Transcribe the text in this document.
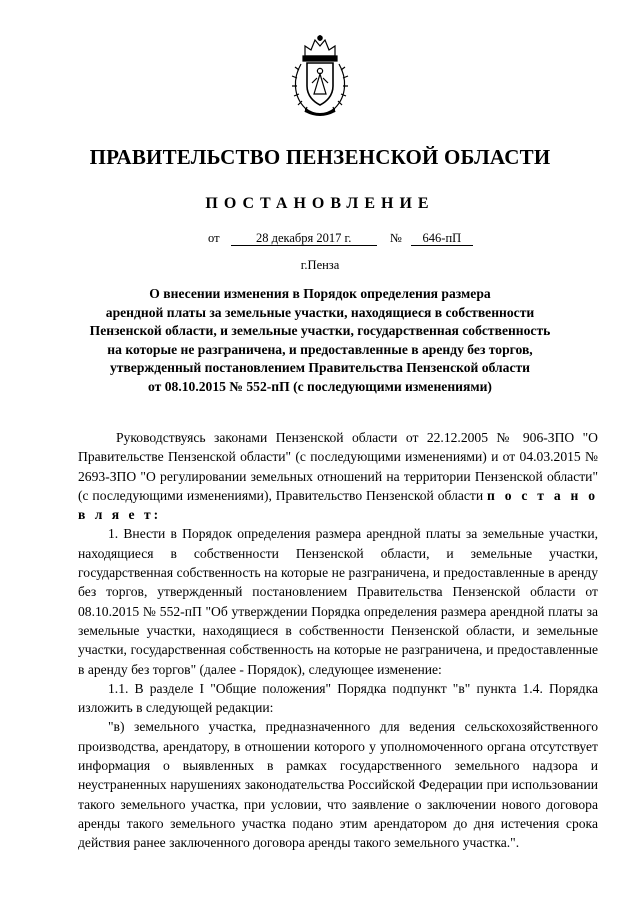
ПРАВИТЕЛЬСТВО ПЕНЗЕНСКОЙ ОБЛАСТИ
ПОСТАНОВЛЕНИЕ
от	28 декабря 2017 г.	№ 646-пП
г.Пенза
О внесении изменения в Порядок определения размера
арендной платы за земельные участки, находящиеся в собственности
Пензенской области, и земельные участки, государственная собственность
на которые не разграничена, и предоставленные в аренду без торгов,
утвержденный постановлением Правительства Пензенской области
от 08.10.2015 № 552-пП (с последующими изменениями)

Руководствуясь законами Пензенской области от 22.12.2005 № 906-ЗПО "О Правительстве Пензенской области" (с последующими изменениями) и от 04.03.2015 № 2693-ЗПО "О регулировании земельных отношений на территории Пензенской области" (с последующими изменениями), Правительство Пензенской области п о с т а н о в л я е т:

1. Внести в Порядок определения размера арендной платы за земельные участки, находящиеся в собственности Пензенской области, и земельные участки, государственная собственность на которые не разграничена, и предоставленные в аренду без торгов, утвержденный постановлением Правительства Пензенской области от 08.10.2015 № 552-пП "Об утверждении Порядка определения размера арендной платы за земельные участки, находящиеся в собственности Пензенской области, и земельные участки, государственная собственность на которые не разграничена, и предоставленные в аренду без торгов" (далее - Порядок), следующее изменение:

1.1. В разделе I "Общие положения" Порядка подпункт "в" пункта 1.4. Порядка изложить в следующей редакции:

"в) земельного участка, предназначенного для ведения сельскохозяйственного производства, арендатору, в отношении которого у уполномоченного органа отсутствует информация о выявленных в рамках государственного земельного надзора и неустраненных нарушениях законодательства Российской Федерации при использовании такого земельного участка, при условии, что заявление о заключении нового договора аренды такого земельного участка подано этим арендатором до дня истечения срока действия ранее заключенного договора аренды такого земельного участка.".
